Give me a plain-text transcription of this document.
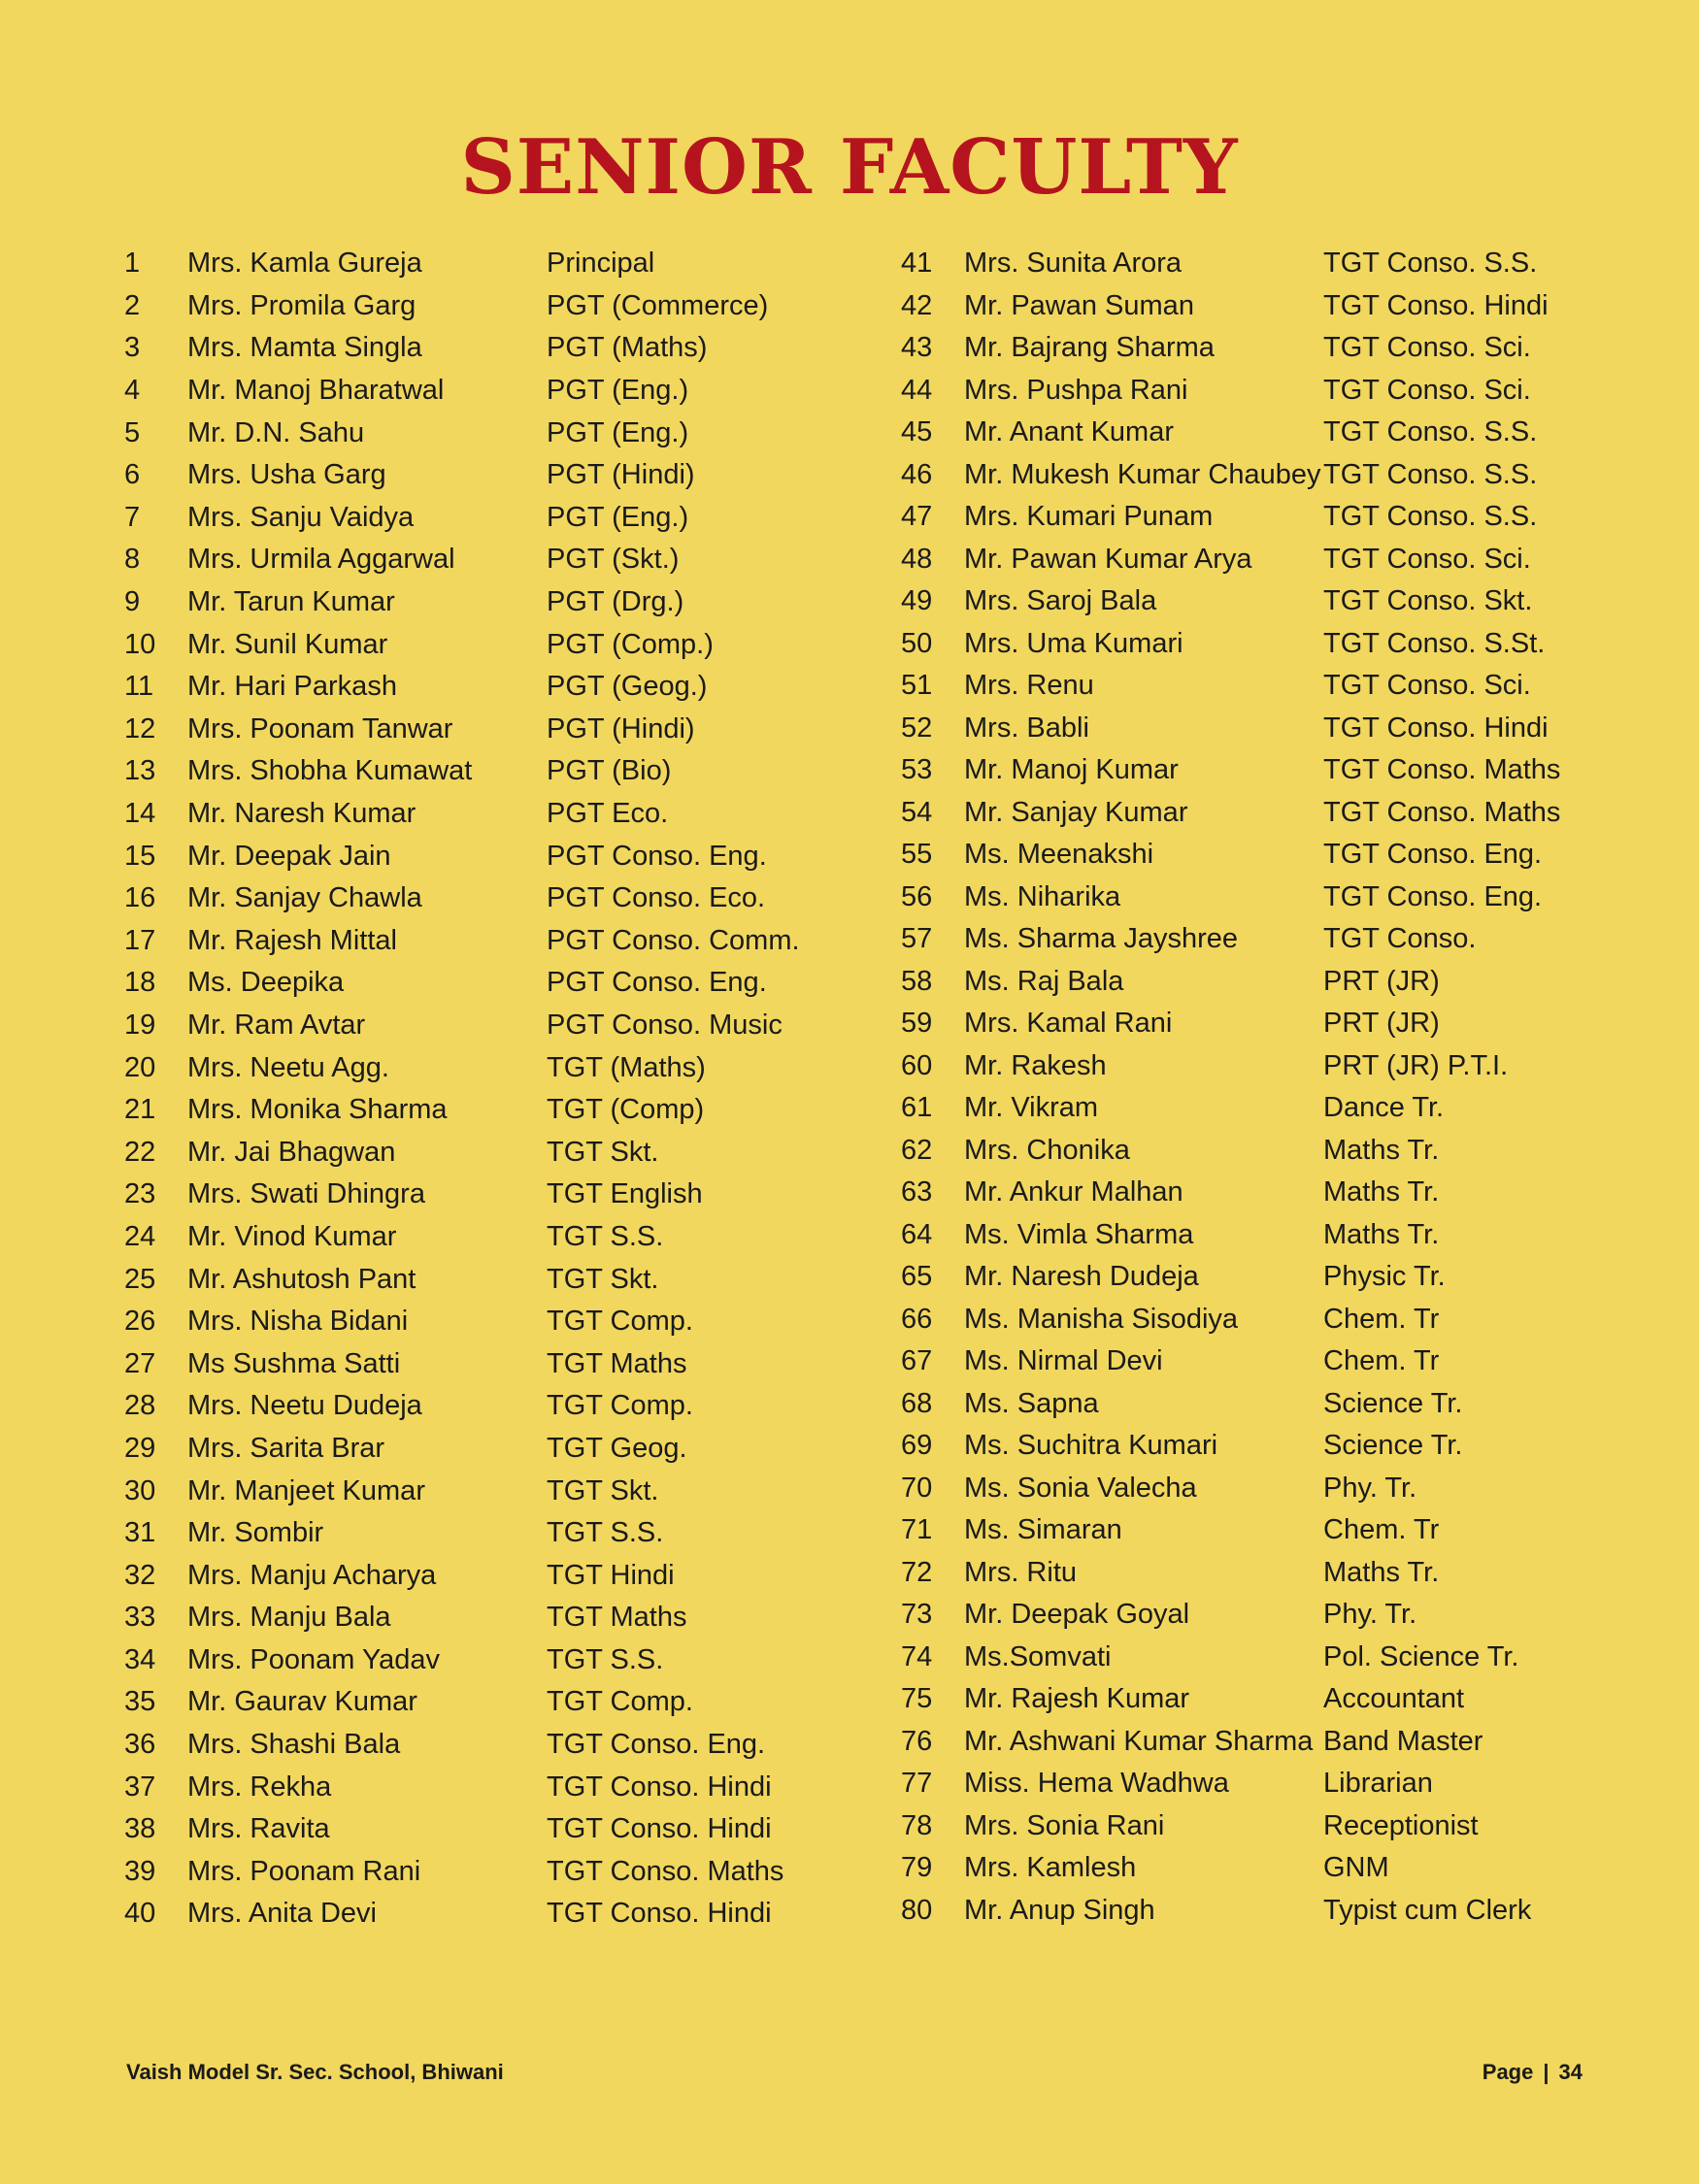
SENIOR FACULTY
1	Mrs. Kamla Gureja	Principal
2	Mrs. Promila Garg	PGT (Commerce)
3	Mrs. Mamta Singla	PGT (Maths)
4	Mr. Manoj Bharatwal	PGT (Eng.)
5	Mr. D.N. Sahu	PGT (Eng.)
6	Mrs. Usha Garg	PGT (Hindi)
7	Mrs. Sanju Vaidya	PGT (Eng.)
8	Mrs. Urmila Aggarwal	PGT (Skt.)
9	Mr. Tarun Kumar	PGT (Drg.)
10	Mr. Sunil Kumar	PGT (Comp.)
11	Mr. Hari Parkash	PGT (Geog.)
12	Mrs. Poonam Tanwar	PGT (Hindi)
13	Mrs. Shobha Kumawat	PGT (Bio)
14	Mr. Naresh Kumar	PGT Eco.
15	Mr. Deepak Jain	PGT Conso. Eng.
16	Mr. Sanjay Chawla	PGT Conso. Eco.
17	Mr. Rajesh Mittal	PGT Conso. Comm.
18	Ms. Deepika	PGT Conso. Eng.
19	Mr. Ram Avtar	PGT Conso. Music
20	Mrs. Neetu Agg.	TGT (Maths)
21	Mrs. Monika Sharma	TGT (Comp)
22	Mr. Jai Bhagwan	TGT Skt.
23	Mrs. Swati Dhingra	TGT English
24	Mr. Vinod Kumar	TGT S.S.
25	Mr. Ashutosh Pant	TGT Skt.
26	Mrs. Nisha Bidani	TGT Comp.
27	Ms Sushma Satti	TGT Maths
28	Mrs. Neetu Dudeja	TGT Comp.
29	Mrs. Sarita Brar	TGT Geog.
30	Mr. Manjeet Kumar	TGT Skt.
31	Mr. Sombir	TGT S.S.
32	Mrs. Manju Acharya	TGT Hindi
33	Mrs. Manju Bala	TGT Maths
34	Mrs. Poonam Yadav	TGT S.S.
35	Mr. Gaurav Kumar	TGT Comp.
36	Mrs. Shashi Bala	TGT Conso. Eng.
37	Mrs. Rekha	TGT Conso. Hindi
38	Mrs. Ravita	TGT Conso. Hindi
39	Mrs. Poonam Rani	TGT Conso. Maths
40	Mrs. Anita Devi	TGT Conso. Hindi
41	Mrs. Sunita Arora	TGT Conso. S.S.
42	Mr. Pawan Suman	TGT Conso. Hindi
43	Mr. Bajrang Sharma	TGT Conso. Sci.
44	Mrs. Pushpa Rani	TGT Conso. Sci.
45	Mr. Anant Kumar	TGT Conso. S.S.
46	Mr. Mukesh Kumar Chaubey TGT Conso. S.S.
47	Mrs. Kumari Punam	TGT Conso. S.S.
48	Mr. Pawan Kumar Arya	TGT Conso. Sci.
49	Mrs. Saroj Bala	TGT Conso. Skt.
50	Mrs. Uma Kumari	TGT Conso. S.St.
51	Mrs. Renu	TGT Conso. Sci.
52	Mrs. Babli	TGT Conso. Hindi
53	Mr. Manoj Kumar	TGT Conso. Maths
54	Mr. Sanjay Kumar	TGT Conso. Maths
55	Ms. Meenakshi	TGT Conso. Eng.
56	Ms. Niharika	TGT Conso. Eng.
57	Ms. Sharma Jayshree	TGT Conso.
58	Ms. Raj Bala	PRT (JR)
59	Mrs. Kamal Rani	PRT (JR)
60	Mr. Rakesh	PRT (JR) P.T.I.
61	Mr. Vikram	Dance Tr.
62	Mrs. Chonika	Maths Tr.
63	Mr. Ankur Malhan	Maths Tr.
64	Ms. Vimla Sharma	Maths Tr.
65	Mr. Naresh Dudeja	Physic Tr.
66	Ms. Manisha Sisodiya	Chem. Tr
67	Ms. Nirmal Devi	Chem. Tr
68	Ms. Sapna	Science Tr.
69	Ms. Suchitra Kumari	Science Tr.
70	Ms. Sonia Valecha	Phy. Tr.
71	Ms. Simaran	Chem. Tr
72	Mrs. Ritu	Maths Tr.
73	Mr. Deepak Goyal	Phy. Tr.
74	Ms.Somvati	Pol. Science Tr.
75	Mr. Rajesh Kumar	Accountant
76	Mr. Ashwani Kumar Sharma Band Master
77	Miss. Hema Wadhwa	Librarian
78	Mrs. Sonia Rani	Receptionist
79	Mrs. Kamlesh	GNM
80	Mr. Anup Singh	Typist cum Clerk
Vaish Model Sr. Sec. School, Bhiwani	Page | 34
